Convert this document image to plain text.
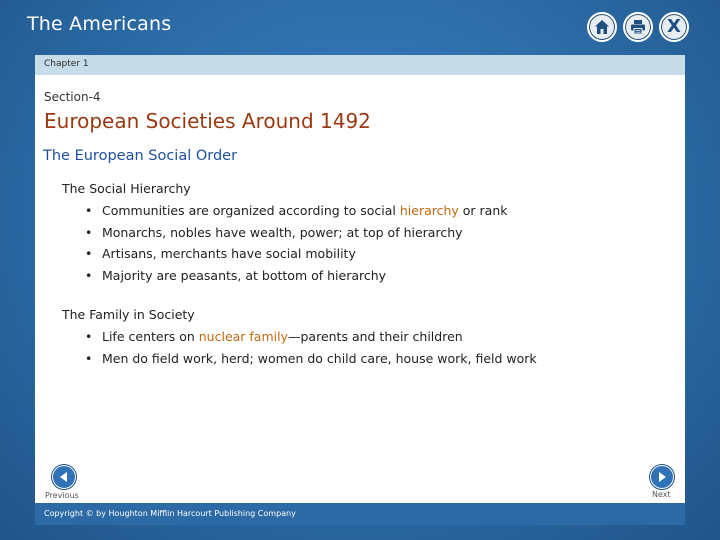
The Americans	X
Chapter 1
Section-4
European Societies Around 1492
The European Social Order
The Social Hierarchy
• Communities are organized according to social hierarchy or rank
• Monarchs, nobles have wealth, power; at top of hierarchy
• Artisans, merchants have social mobility
• Majority are peasants, at bottom of hierarchy
The Family in Society
• Life centers on nuclear family—parents and their children
• Men do field work, herd; women do child care, house work, field work
Previous	Next
Copyright © by Houghton Mifflin Harcourt Publishing Company
